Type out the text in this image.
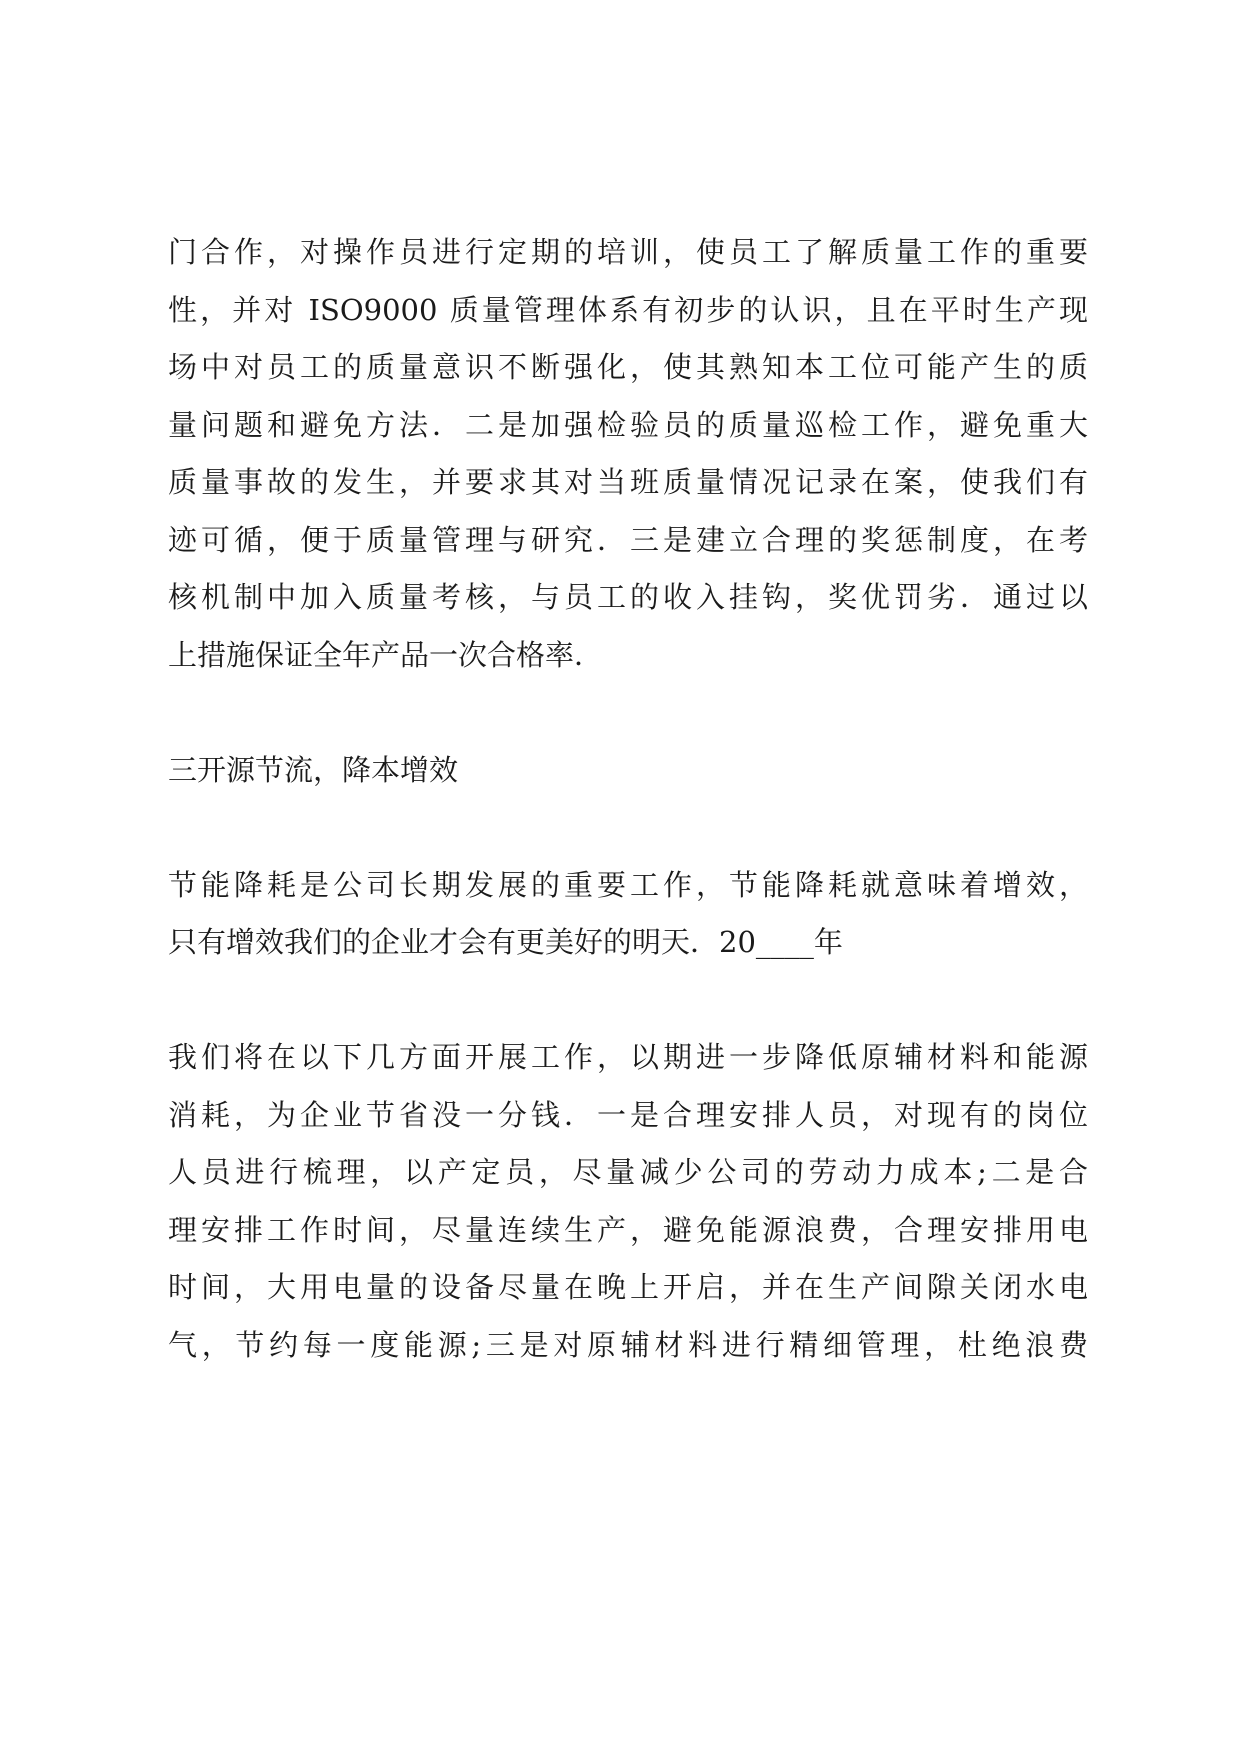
门合作，对操作员进行定期的培训，使员工了解质量工作的重要
性，并对 ISO9000 质量管理体系有初步的认识，且在平时生产现
场中对员工的质量意识不断强化，使其熟知本工位可能产生的质
量问题和避免方法．二是加强检验员的质量巡检工作，避免重大
质量事故的发生，并要求其对当班质量情况记录在案，使我们有
迹可循，便于质量管理与研究．三是建立合理的奖惩制度，在考
核机制中加入质量考核，与员工的收入挂钩，奖优罚劣．通过以
上措施保证全年产品一次合格率．
三开源节流，降本增效
节能降耗是公司长期发展的重要工作，节能降耗就意味着增效，
只有增效我们的企业才会有更美好的明天．20____年
我们将在以下几方面开展工作，以期进一步降低原辅材料和能源
消耗，为企业节省没一分钱．一是合理安排人员，对现有的岗位
人员进行梳理，以产定员，尽量减少公司的劳动力成本;二是合
理安排工作时间，尽量连续生产，避免能源浪费，合理安排用电
时间，大用电量的设备尽量在晚上开启，并在生产间隙关闭水电
气，节约每一度能源;三是对原辅材料进行精细管理，杜绝浪费
